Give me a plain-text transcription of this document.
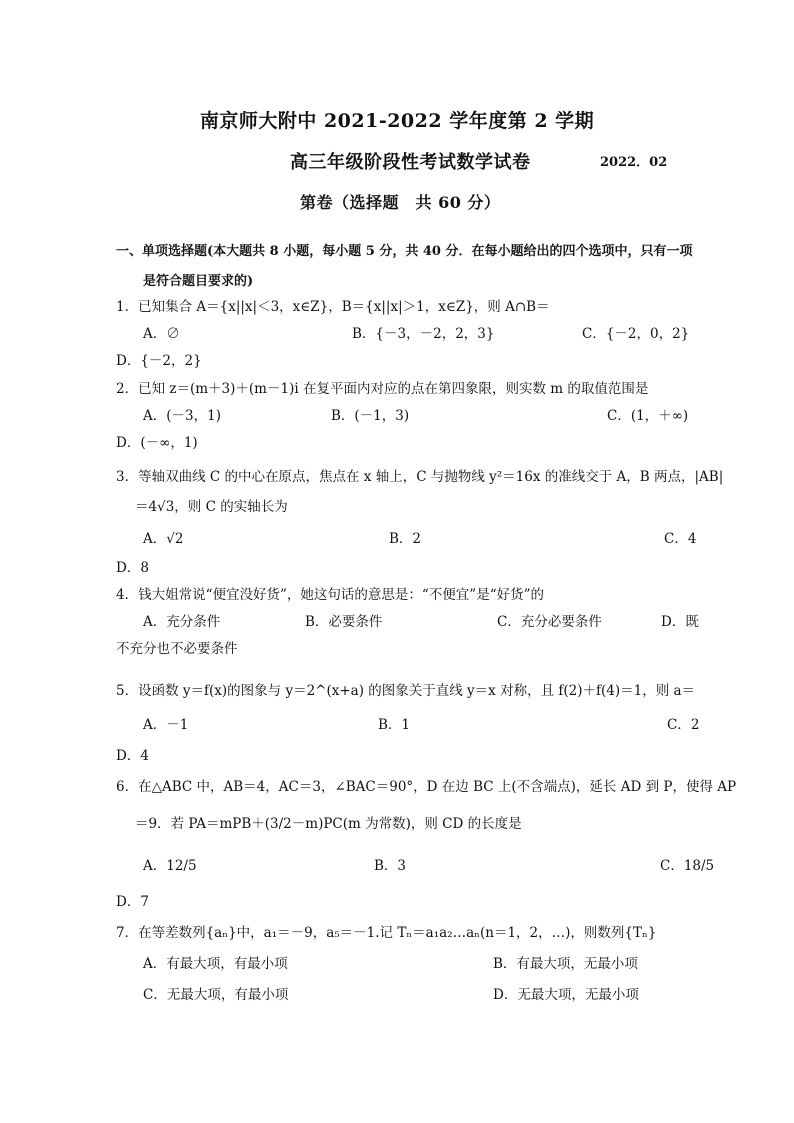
南京师大附中 2021-2022 学年度第 2 学期
高三年级阶段性考试数学试卷	2022．02
第卷（选择题　共 60 分）
一、单项选择题(本大题共 8 小题，每小题 5 分，共 40 分．在每小题给出的四个选项中，只有一项
是符合题目要求的)
1．已知集合 A＝{x||x|＜3，x∈Z}，B＝{x||x|＞1，x∈Z}，则 A∩B＝
A．∅	B．{－3，－2，2，3}	C．{－2，0，2}
D．{－2，2}
2．已知 z＝(m＋3)＋(m－1)i 在复平面内对应的点在第四象限，则实数 m 的取值范围是
A．(－3，1)	B．(－1，3)	C．(1，＋∞)
D．(－∞，1)
3．等轴双曲线 C 的中心在原点，焦点在 x 轴上，C 与抛物线 y²＝16x 的准线交于 A，B 两点，|AB|
＝4√3，则 C 的实轴长为
A．√2	B．2	C．4
D．8
4．钱大姐常说“便宜没好货”，她这句话的意思是：“不便宜”是“好货”的
A．充分条件	B．必要条件	C．充分必要条件	D．既
不充分也不必要条件
5．设函数 y＝f(x)的图象与 y＝2^(x+a) 的图象关于直线 y＝x 对称，且 f(2)＋f(4)＝1，则 a＝
A．－1	B．1	C．2
D．4
6．在△ABC 中，AB＝4，AC＝3，∠BAC＝90°，D 在边 BC 上(不含端点)，延长 AD 到 P，使得 AP
＝9．若 PA＝mPB＋(3/2－m)PC(m 为常数)，则 CD 的长度是
A．12/5	B．3	C．18/5
D．7
7．在等差数列{aₙ}中，a₁＝－9，a₅＝－1.记 Tₙ＝a₁a₂…aₙ(n＝1，2，…)，则数列{Tₙ}
A．有最大项，有最小项	B．有最大项，无最小项
C．无最大项，有最小项	D．无最大项，无最小项
